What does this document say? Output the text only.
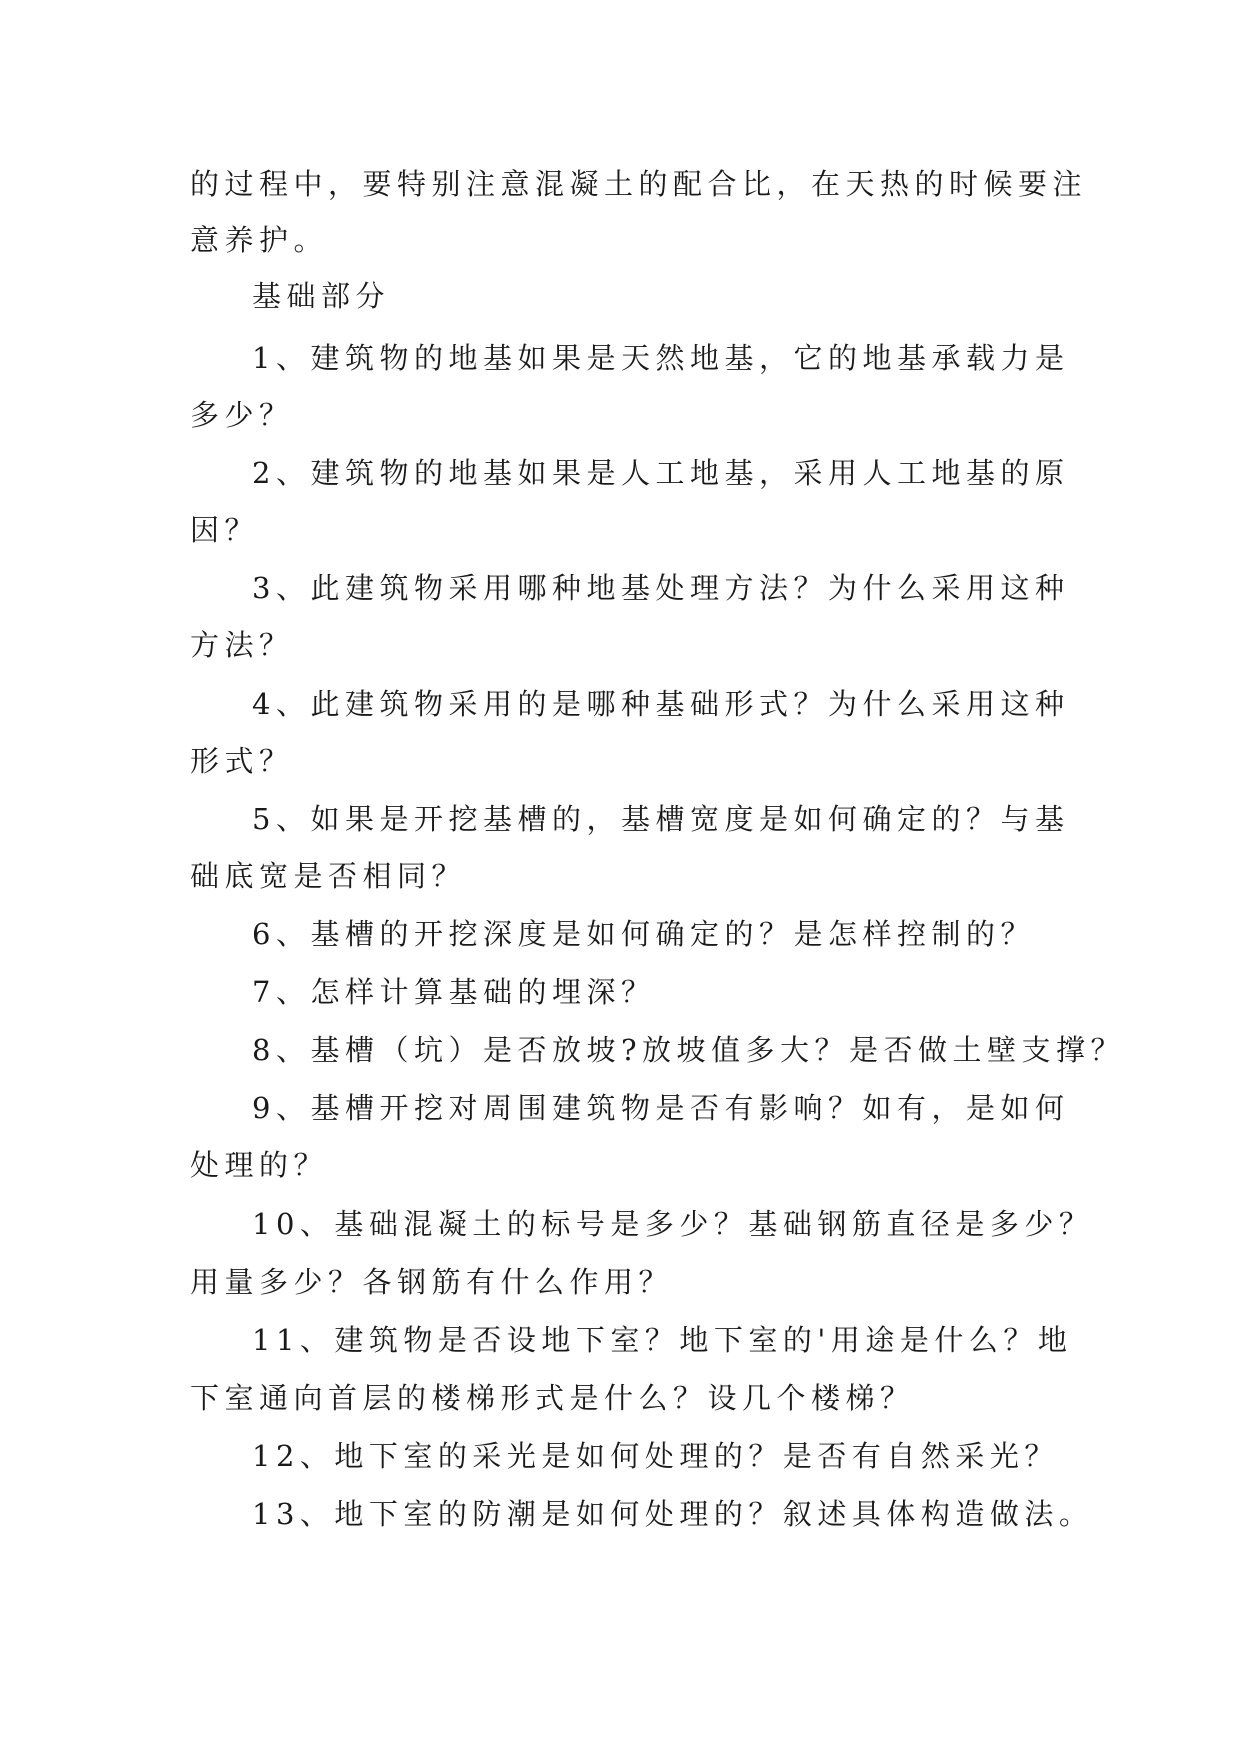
的过程中，要特别注意混凝土的配合比，在天热的时候要注
意养护。
基础部分
1、建筑物的地基如果是天然地基，它的地基承载力是
多少？
2、建筑物的地基如果是人工地基，采用人工地基的原
因？
3、此建筑物采用哪种地基处理方法？为什么采用这种
方法？
4、此建筑物采用的是哪种基础形式？为什么采用这种
形式？
5、如果是开挖基槽的，基槽宽度是如何确定的？与基
础底宽是否相同？
6、基槽的开挖深度是如何确定的？是怎样控制的？
7、怎样计算基础的埋深？
8、基槽（坑）是否放坡?放坡值多大？是否做土壁支撑？
9、基槽开挖对周围建筑物是否有影响？如有，是如何
处理的？
10、基础混凝土的标号是多少？基础钢筋直径是多少？
用量多少？各钢筋有什么作用？
11、建筑物是否设地下室？地下室的'用途是什么？地
下室通向首层的楼梯形式是什么？设几个楼梯？
12、地下室的采光是如何处理的？是否有自然采光？
13、地下室的防潮是如何处理的？叙述具体构造做法。
